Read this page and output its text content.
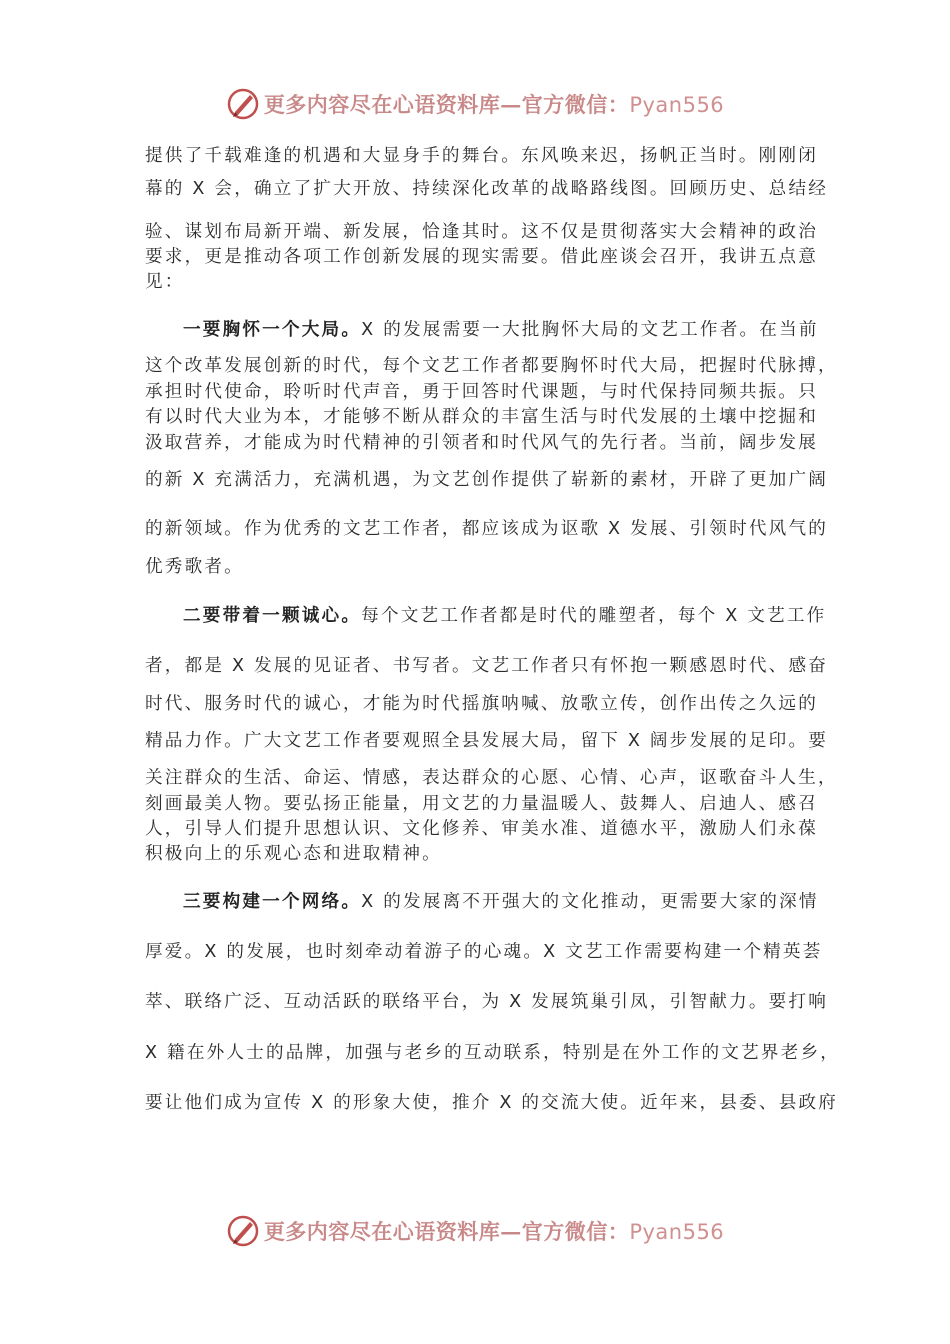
更多内容尽在心语资料库—官方微信：Pyan556
提供了千载难逢的机遇和大显身手的舞台。东风唤来迟，扬帆正当时。刚刚闭
幕的 X 会，确立了扩大开放、持续深化改革的战略路线图。回顾历史、总结经
验、谋划布局新开端、新发展，恰逢其时。这不仅是贯彻落实大会精神的政治
要求，更是推动各项工作创新发展的现实需要。借此座谈会召开，我讲五点意
见：
一要胸怀一个大局。X 的发展需要一大批胸怀大局的文艺工作者。在当前
这个改革发展创新的时代，每个文艺工作者都要胸怀时代大局，把握时代脉搏，
承担时代使命，聆听时代声音，勇于回答时代课题，与时代保持同频共振。只
有以时代大业为本，才能够不断从群众的丰富生活与时代发展的土壤中挖掘和
汲取营养，才能成为时代精神的引领者和时代风气的先行者。当前，阔步发展
的新 X 充满活力，充满机遇，为文艺创作提供了崭新的素材，开辟了更加广阔
的新领域。作为优秀的文艺工作者，都应该成为讴歌 X 发展、引领时代风气的
优秀歌者。
二要带着一颗诚心。每个文艺工作者都是时代的雕塑者，每个 X 文艺工作
者，都是 X 发展的见证者、书写者。文艺工作者只有怀抱一颗感恩时代、感奋
时代、服务时代的诚心，才能为时代摇旗呐喊、放歌立传，创作出传之久远的
精品力作。广大文艺工作者要观照全县发展大局，留下 X 阔步发展的足印。要
关注群众的生活、命运、情感，表达群众的心愿、心情、心声，讴歌奋斗人生，
刻画最美人物。要弘扬正能量，用文艺的力量温暖人、鼓舞人、启迪人、感召
人，引导人们提升思想认识、文化修养、审美水准、道德水平，激励人们永葆
积极向上的乐观心态和进取精神。
三要构建一个网络。X 的发展离不开强大的文化推动，更需要大家的深情
厚爱。X 的发展，也时刻牵动着游子的心魂。X 文艺工作需要构建一个精英荟
萃、联络广泛、互动活跃的联络平台，为 X 发展筑巢引凤，引智献力。要打响
X 籍在外人士的品牌，加强与老乡的互动联系，特别是在外工作的文艺界老乡，
要让他们成为宣传 X 的形象大使，推介 X 的交流大使。近年来，县委、县政府
更多内容尽在心语资料库—官方微信：Pyan556
